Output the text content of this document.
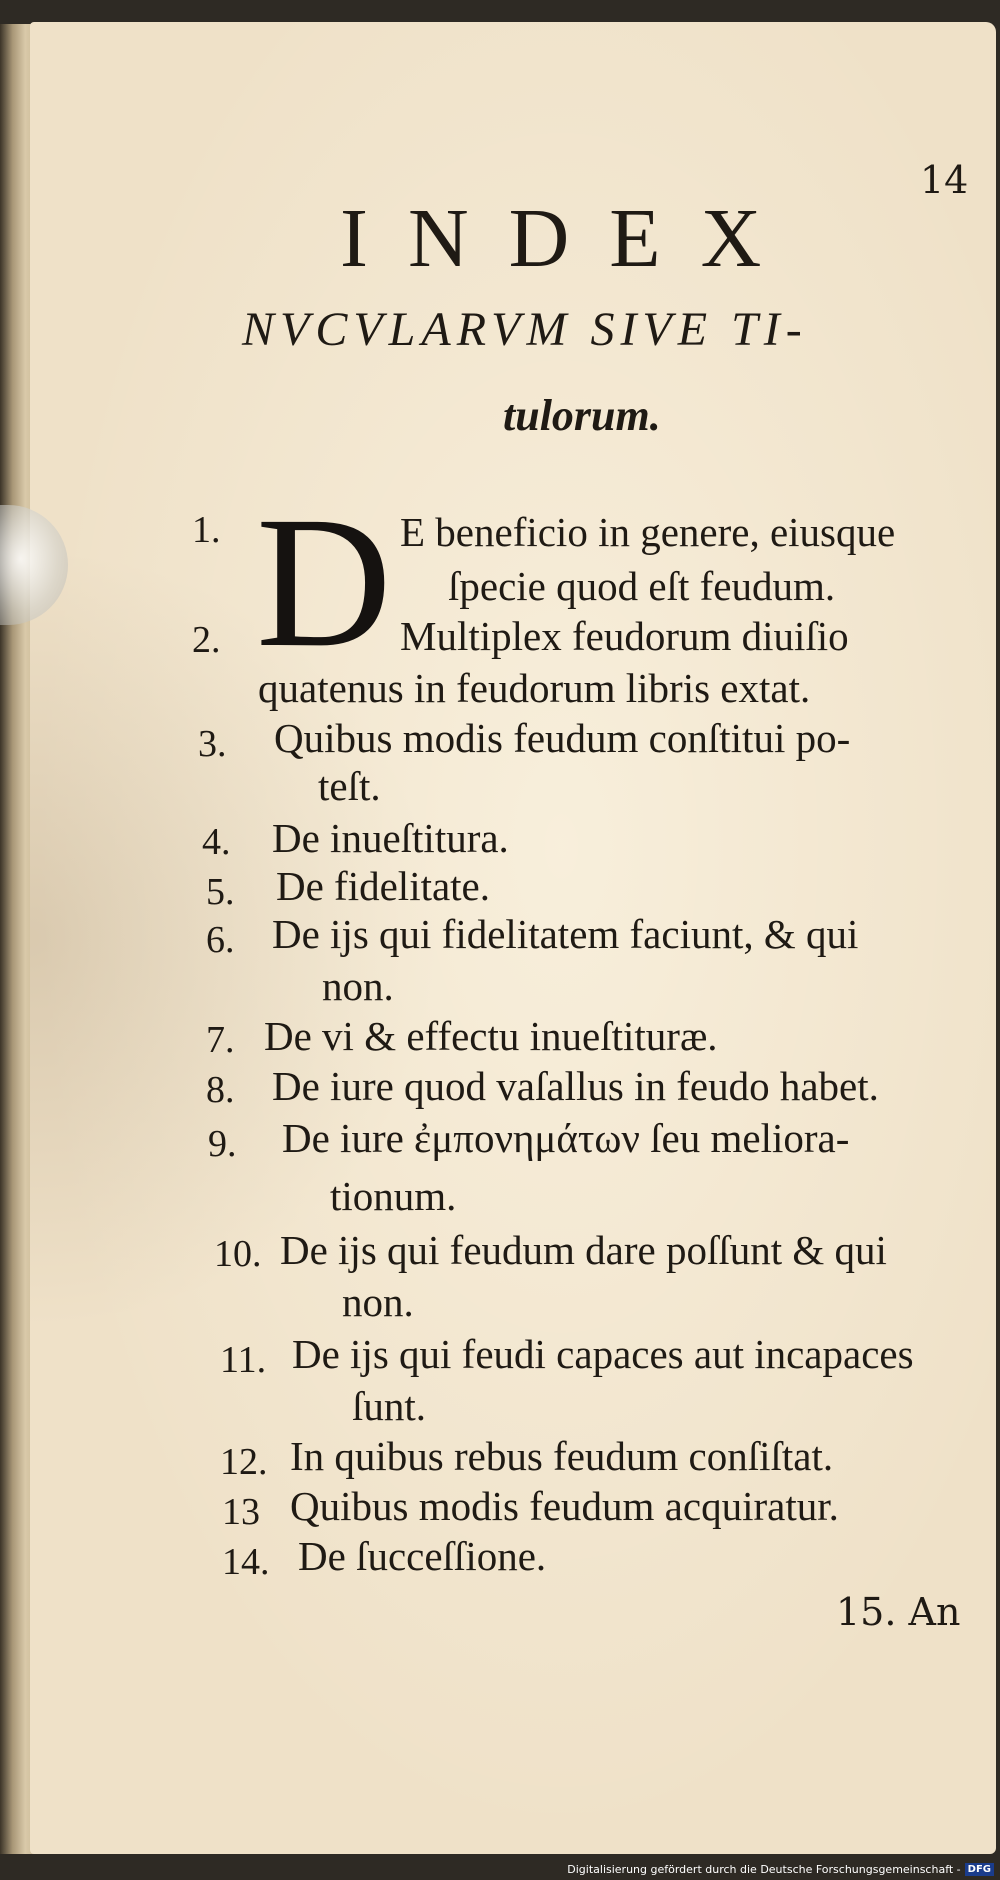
14
INDEX
NVCVLARVM SIVE TI-
tulorum.
D
1.	E beneficio in genere, eiusque
ſpecie quod eſt feudum.
2.	Multiplex feudorum diuiſio
quatenus in feudorum libris extat.
3. Quibus modis feudum conſtitui po-
teſt.
4. De inueſtitura.
5. De fidelitate.
6. De ijs qui fidelitatem faciunt, & qui
non.
7. De vi & effectu inueſtituræ.
8. De iure quod vaſallus in feudo habet.
9. De iure ἐμπονημάτων ſeu meliora-
tionum.
10. De ijs qui feudum dare poſſunt & qui
non.
11. De ijs qui feudi capaces aut incapaces
ſunt.
12. In quibus rebus feudum conſiſtat.
13 Quibus modis feudum acquiratur.
14. De ſucceſſione.
15. An
Digitalisierung gefördert durch die Deutsche Forschungsgemeinschaft - DFG
